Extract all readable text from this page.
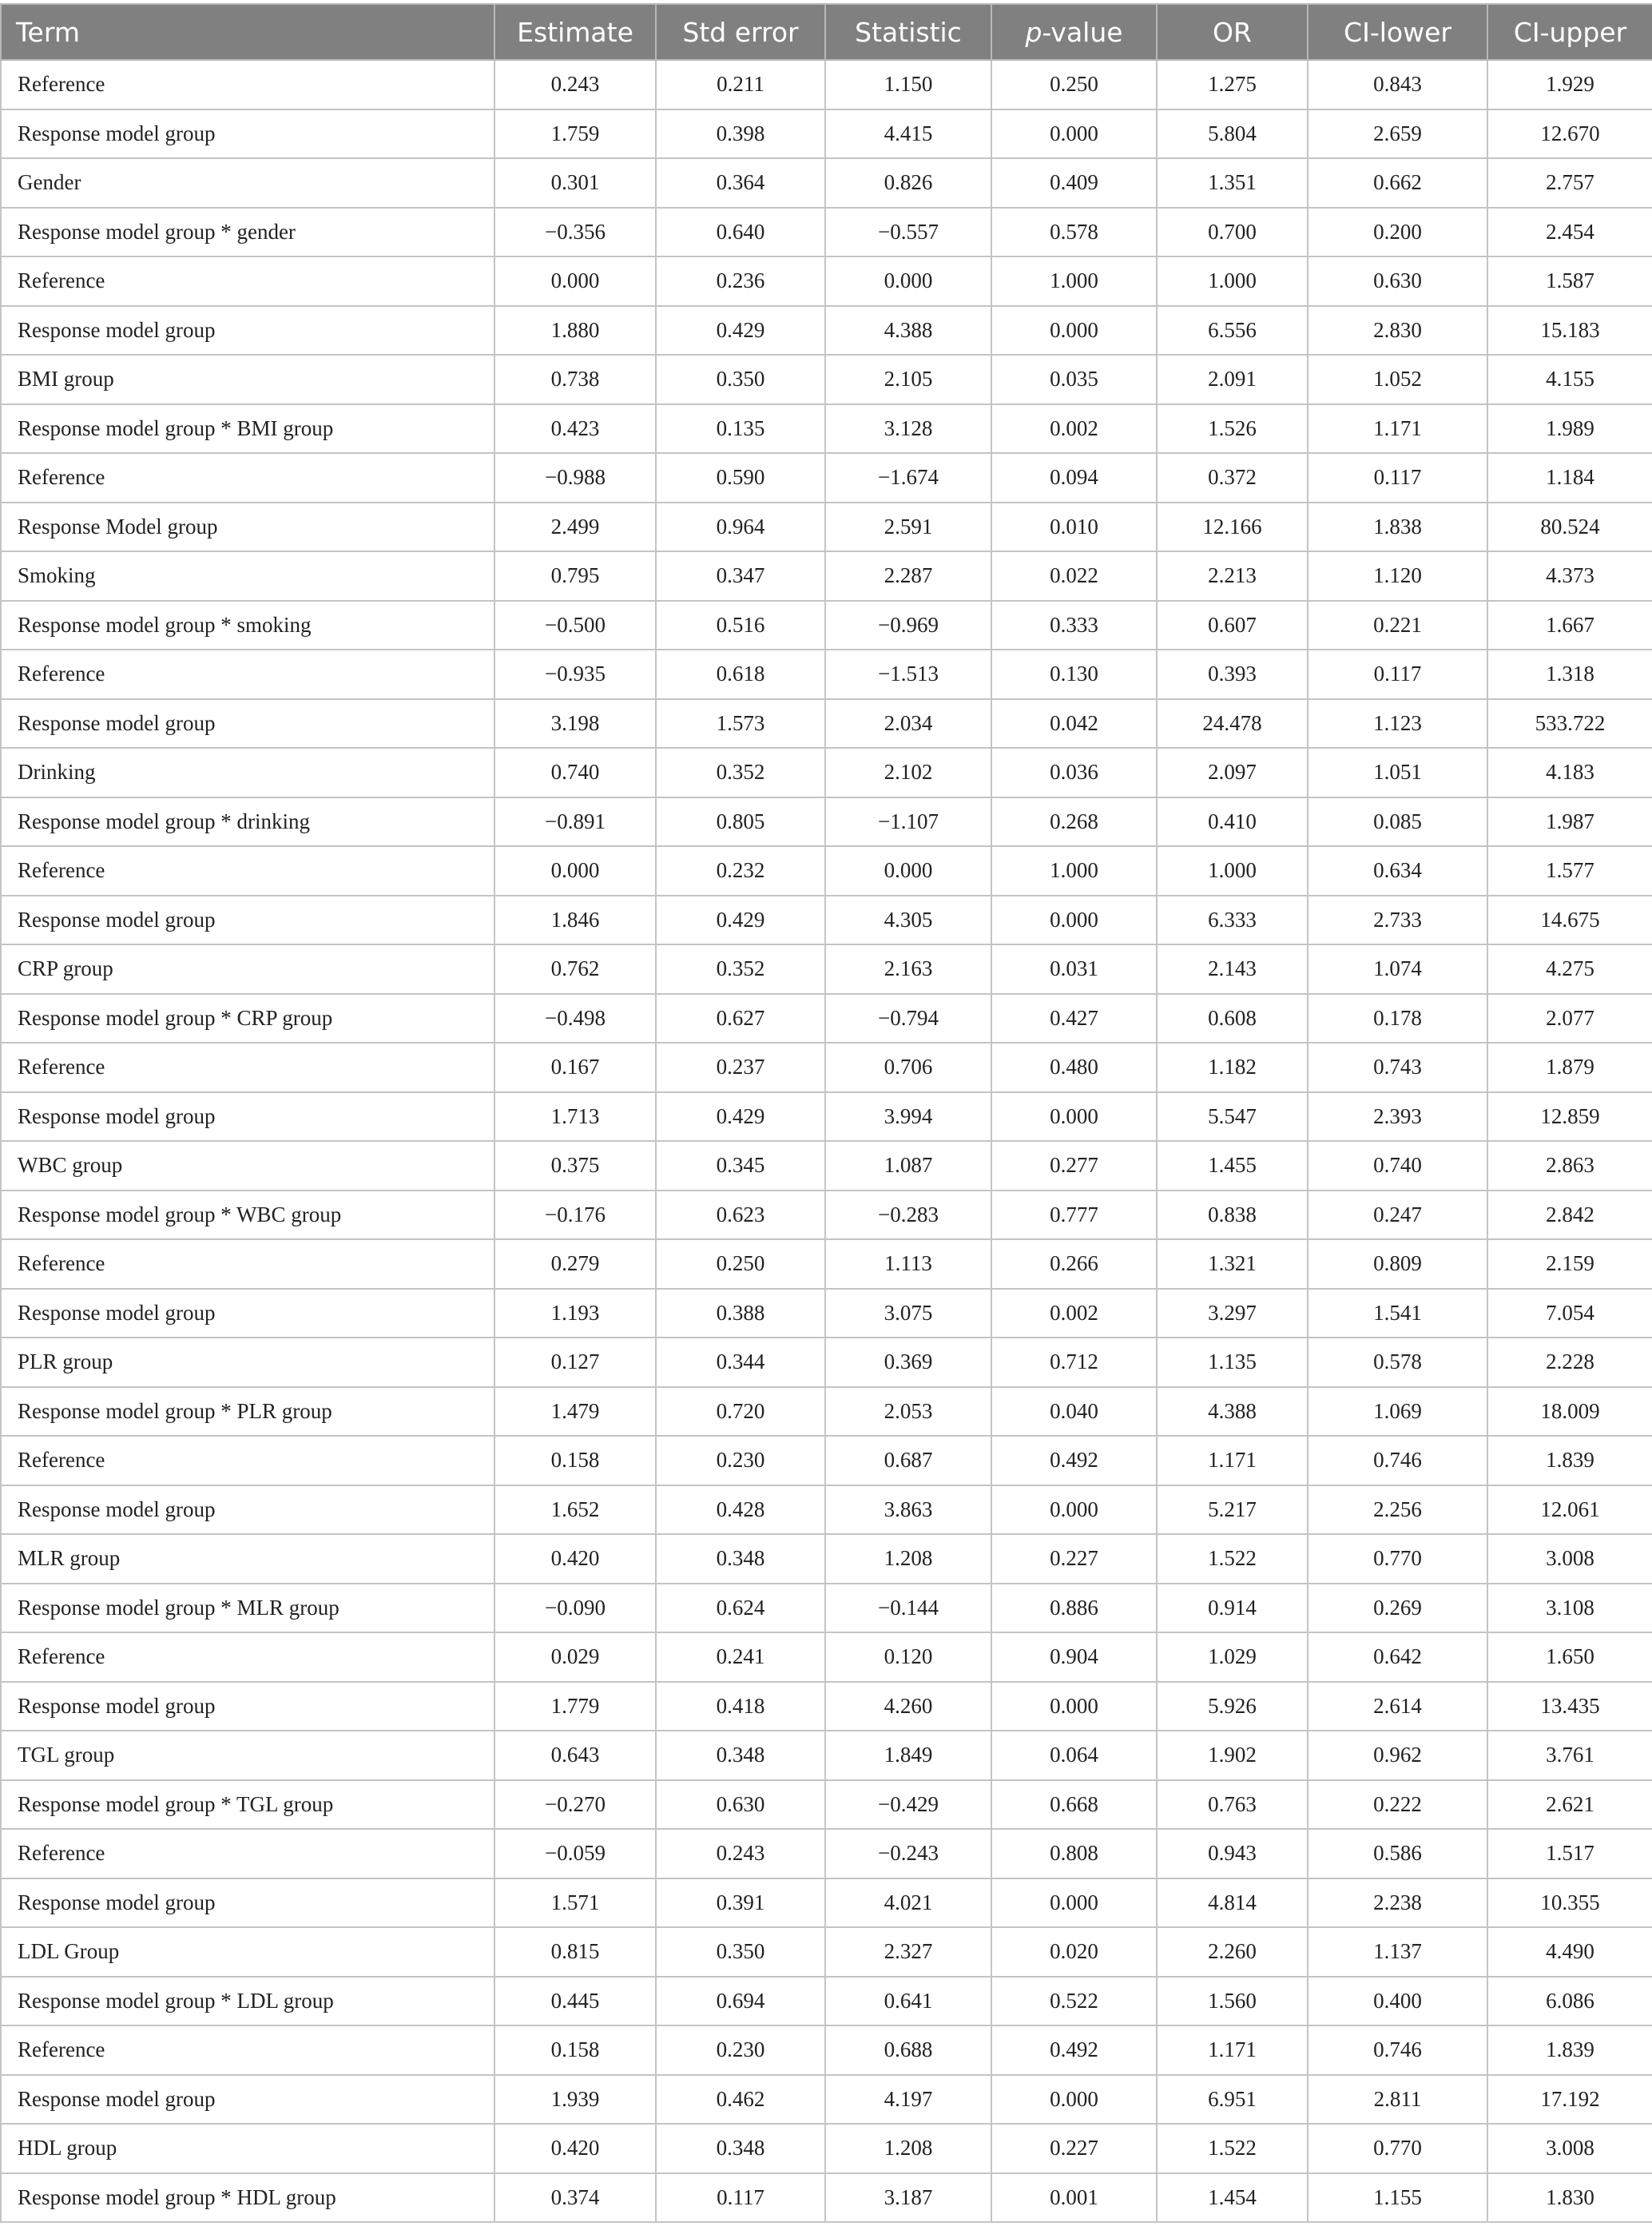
Term	Estimate	Std error	Statistic	p-value	OR	CI-lower	CI-upper
Reference	0.243	0.211	1.150	0.250	1.275	0.843	1.929
Response model group	1.759	0.398	4.415	0.000	5.804	2.659	12.670
Gender	0.301	0.364	0.826	0.409	1.351	0.662	2.757
Response model group * gender	−0.356	0.640	−0.557	0.578	0.700	0.200	2.454
Reference	0.000	0.236	0.000	1.000	1.000	0.630	1.587
Response model group	1.880	0.429	4.388	0.000	6.556	2.830	15.183
BMI group	0.738	0.350	2.105	0.035	2.091	1.052	4.155
Response model group * BMI group	0.423	0.135	3.128	0.002	1.526	1.171	1.989
Reference	−0.988	0.590	−1.674	0.094	0.372	0.117	1.184
Response Model group	2.499	0.964	2.591	0.010	12.166	1.838	80.524
Smoking	0.795	0.347	2.287	0.022	2.213	1.120	4.373
Response model group * smoking	−0.500	0.516	−0.969	0.333	0.607	0.221	1.667
Reference	−0.935	0.618	−1.513	0.130	0.393	0.117	1.318
Response model group	3.198	1.573	2.034	0.042	24.478	1.123	533.722
Drinking	0.740	0.352	2.102	0.036	2.097	1.051	4.183
Response model group * drinking	−0.891	0.805	−1.107	0.268	0.410	0.085	1.987
Reference	0.000	0.232	0.000	1.000	1.000	0.634	1.577
Response model group	1.846	0.429	4.305	0.000	6.333	2.733	14.675
CRP group	0.762	0.352	2.163	0.031	2.143	1.074	4.275
Response model group * CRP group	−0.498	0.627	−0.794	0.427	0.608	0.178	2.077
Reference	0.167	0.237	0.706	0.480	1.182	0.743	1.879
Response model group	1.713	0.429	3.994	0.000	5.547	2.393	12.859
WBC group	0.375	0.345	1.087	0.277	1.455	0.740	2.863
Response model group * WBC group	−0.176	0.623	−0.283	0.777	0.838	0.247	2.842
Reference	0.279	0.250	1.113	0.266	1.321	0.809	2.159
Response model group	1.193	0.388	3.075	0.002	3.297	1.541	7.054
PLR group	0.127	0.344	0.369	0.712	1.135	0.578	2.228
Response model group * PLR group	1.479	0.720	2.053	0.040	4.388	1.069	18.009
Reference	0.158	0.230	0.687	0.492	1.171	0.746	1.839
Response model group	1.652	0.428	3.863	0.000	5.217	2.256	12.061
MLR group	0.420	0.348	1.208	0.227	1.522	0.770	3.008
Response model group * MLR group	−0.090	0.624	−0.144	0.886	0.914	0.269	3.108
Reference	0.029	0.241	0.120	0.904	1.029	0.642	1.650
Response model group	1.779	0.418	4.260	0.000	5.926	2.614	13.435
TGL group	0.643	0.348	1.849	0.064	1.902	0.962	3.761
Response model group * TGL group	−0.270	0.630	−0.429	0.668	0.763	0.222	2.621
Reference	−0.059	0.243	−0.243	0.808	0.943	0.586	1.517
Response model group	1.571	0.391	4.021	0.000	4.814	2.238	10.355
LDL Group	0.815	0.350	2.327	0.020	2.260	1.137	4.490
Response model group * LDL group	0.445	0.694	0.641	0.522	1.560	0.400	6.086
Reference	0.158	0.230	0.688	0.492	1.171	0.746	1.839
Response model group	1.939	0.462	4.197	0.000	6.951	2.811	17.192
HDL group	0.420	0.348	1.208	0.227	1.522	0.770	3.008
Response model group * HDL group	0.374	0.117	3.187	0.001	1.454	1.155	1.830
